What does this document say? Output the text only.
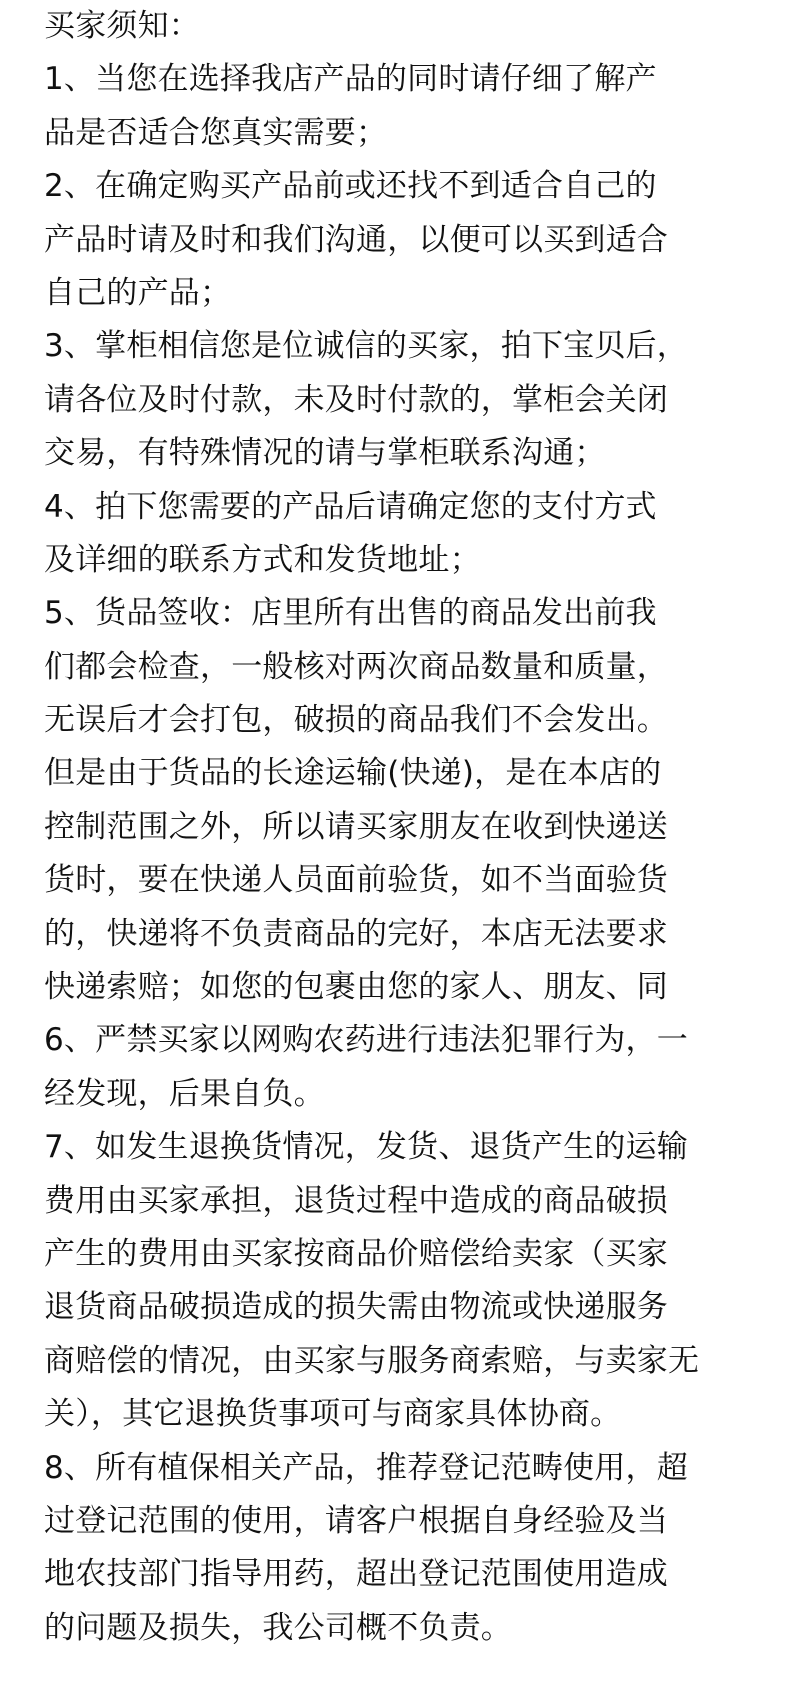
买家须知：
1、当您在选择我店产品的同时请仔细了解产
品是否适合您真实需要；
2、在确定购买产品前或还找不到适合自己的
产品时请及时和我们沟通，以便可以买到适合
自己的产品；
3、掌柜相信您是位诚信的买家，拍下宝贝后，
请各位及时付款，未及时付款的，掌柜会关闭
交易，有特殊情况的请与掌柜联系沟通；
4、拍下您需要的产品后请确定您的支付方式
及详细的联系方式和发货地址；
5、货品签收：店里所有出售的商品发出前我
们都会检查，一般核对两次商品数量和质量，
无误后才会打包，破损的商品我们不会发出。
但是由于货品的长途运输(快递)，是在本店的
控制范围之外，所以请买家朋友在收到快递送
货时，要在快递人员面前验货，如不当面验货
的，快递将不负责商品的完好，本店无法要求
快递索赔；如您的包裹由您的家人、朋友、同
6、严禁买家以网购农药进行违法犯罪行为，一
经发现，后果自负。
7、如发生退换货情况，发货、退货产生的运输
费用由买家承担，退货过程中造成的商品破损
产生的费用由买家按商品价赔偿给卖家（买家
退货商品破损造成的损失需由物流或快递服务
商赔偿的情况，由买家与服务商索赔，与卖家无
关），其它退换货事项可与商家具体协商。
8、所有植保相关产品，推荐登记范畴使用，超
过登记范围的使用，请客户根据自身经验及当
地农技部门指导用药，超出登记范围使用造成
的问题及损失，我公司概不负责。
